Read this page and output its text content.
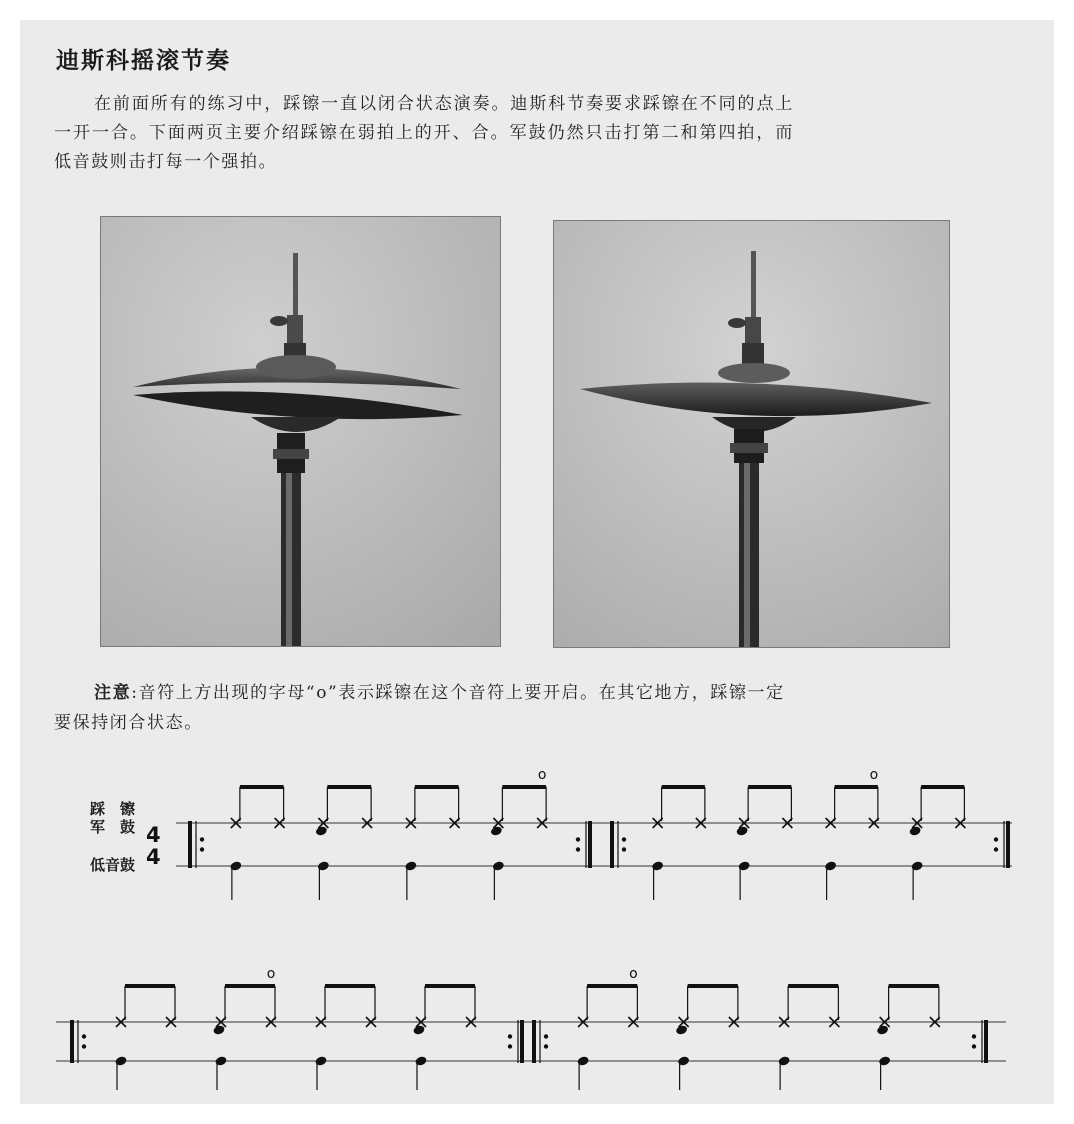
迪斯科摇滚节奏

在前面所有的练习中，踩镲一直以闭合状态演奏。迪斯科节奏要求踩镲在不同的点上一开一合。下面两页主要介绍踩镲在弱拍上的开、合。军鼓仍然只击打第二和第四拍，而低音鼓则击打每一个强拍。

注意:音符上方出现的字母“o”表示踩镲在这个音符上要开启。在其它地方，踩镲一定要保持闭合状态。

踩　镲
军　鼓
低音鼓
4
4
o	o
o	o
